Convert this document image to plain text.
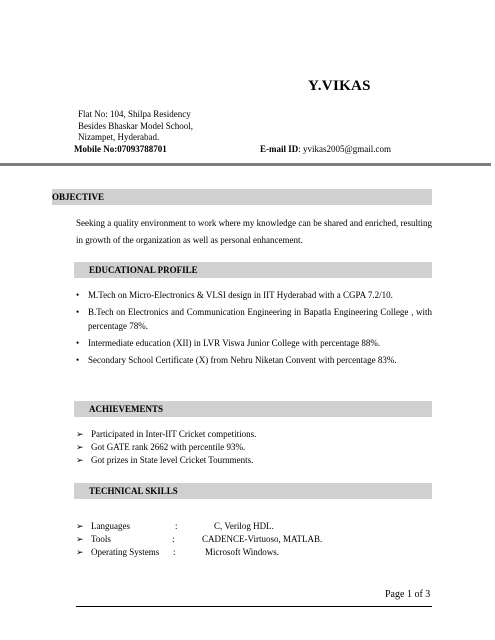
Y.VIKAS
Flat No: 104, Shilpa Residency
Besides Bhaskar Model School,
Nizampet, Hyderabad.
Mobile No:07093788701	E-mail ID: yvikas2005@gmail.com
OBJECTIVE
Seeking a quality environment to work where my knowledge can be shared and enriched, resulting in growth of the organization as well as personal enhancement.
EDUCATIONAL PROFILE
• M.Tech on Micro-Electronics & VLSI design in IIT Hyderabad with a CGPA 7.2/10.
• B.Tech on Electronics and Communication Engineering in Bapatla Engineering College , with percentage 78%.
• Intermediate education (XII) in LVR Viswa Junior College with percentage 88%.
• Secondary School Certificate (X) from Nehru Niketan Convent with percentage 83%.
ACHIEVEMENTS
➢ Participated in Inter-IIT Cricket competitions.
➢ Got GATE rank 2662 with percentile 93%.
➢ Got prizes in State level Cricket Tournments.
TECHNICAL SKILLS
➢ Languages	:	C, Verilog HDL.
➢ Tools	:	CADENCE-Virtuoso, MATLAB.
➢ Operating Systems :	Microsoft Windows.
Page 1 of 3
